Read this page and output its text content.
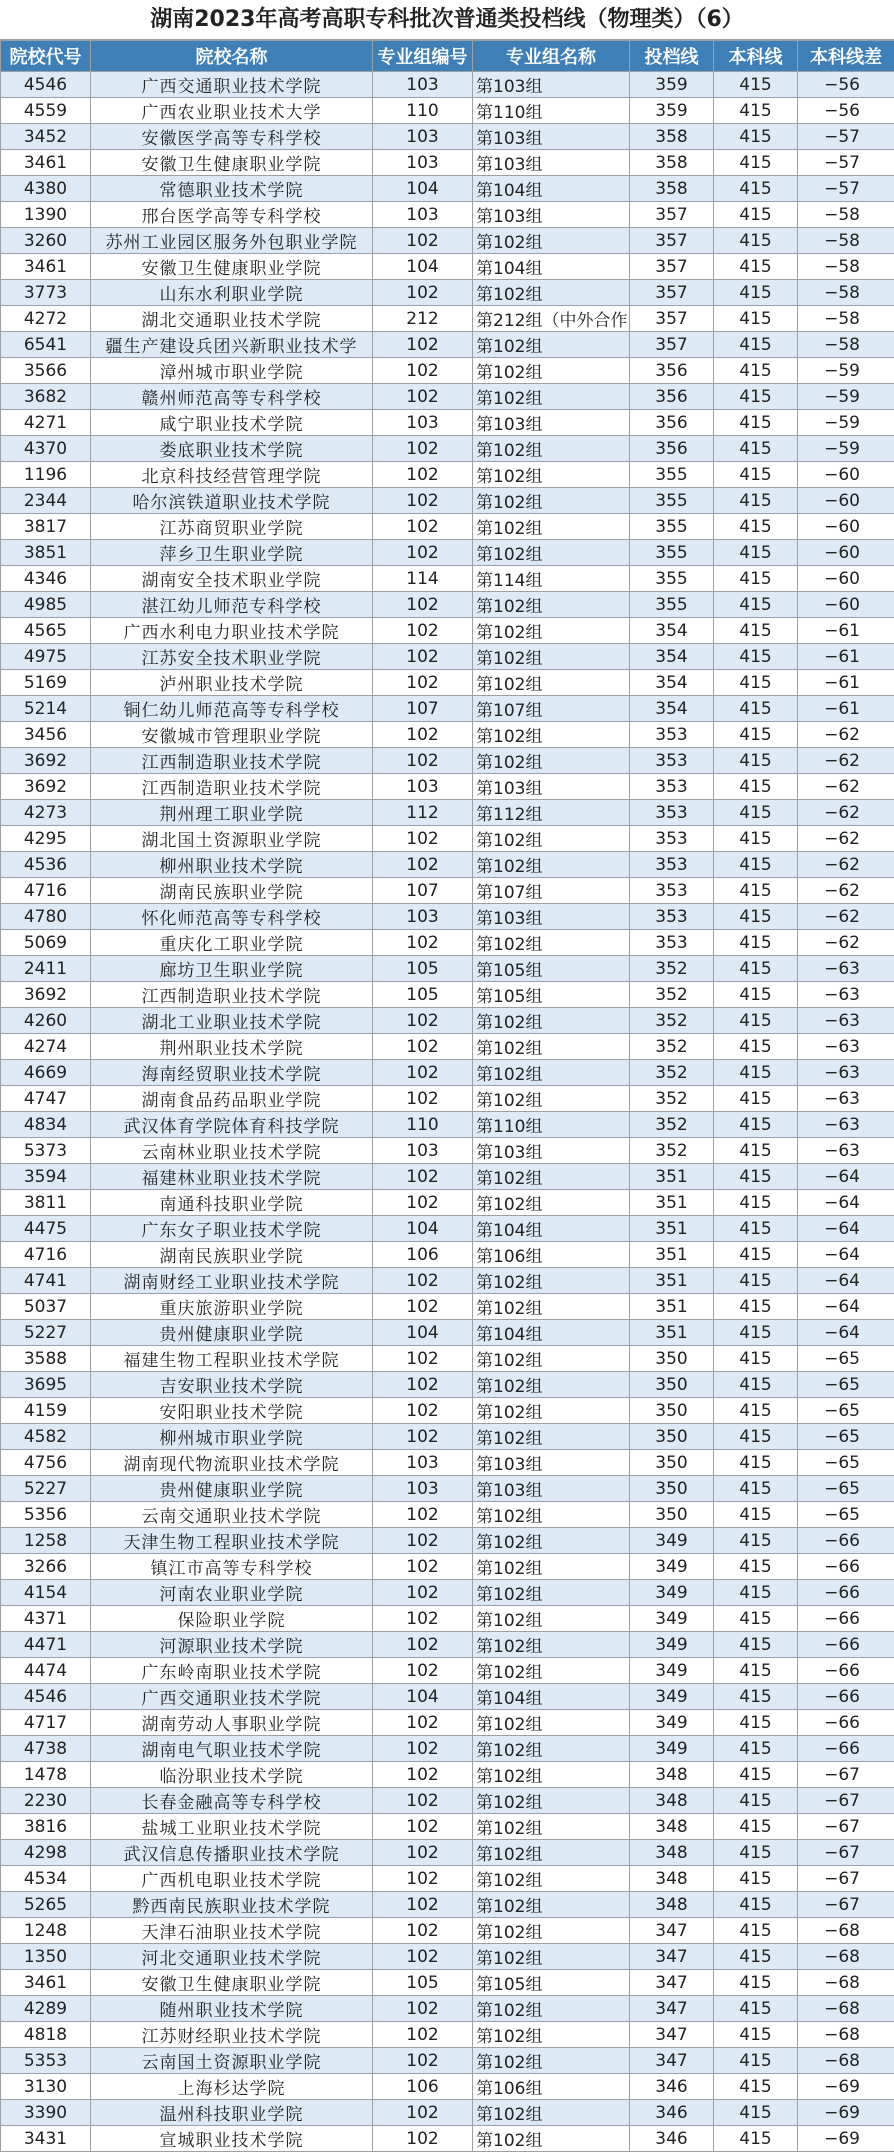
湖南2023年高考高职专科批次普通类投档线（物理类）（6）
院校代号	院校名称	专业组编号	专业组名称	投档线	本科线	本科线差
4546	广西交通职业技术学院	103	第103组	359	415	−56
4559	广西农业职业技术大学	110	第110组	359	415	−56
3452	安徽医学高等专科学校	103	第103组	358	415	−57
3461	安徽卫生健康职业学院	103	第103组	358	415	−57
4380	常德职业技术学院	104	第104组	358	415	−57
1390	邢台医学高等专科学校	103	第103组	357	415	−58
3260	苏州工业园区服务外包职业学院	102	第102组	357	415	−58
3461	安徽卫生健康职业学院	104	第104组	357	415	−58
3773	山东水利职业学院	102	第102组	357	415	−58
4272	湖北交通职业技术学院	212	第212组（中外合作	357	415	−58
6541	疆生产建设兵团兴新职业技术学	102	第102组	357	415	−58
3566	漳州城市职业学院	102	第102组	356	415	−59
3682	赣州师范高等专科学校	102	第102组	356	415	−59
4271	咸宁职业技术学院	103	第103组	356	415	−59
4370	娄底职业技术学院	102	第102组	356	415	−59
1196	北京科技经营管理学院	102	第102组	355	415	−60
2344	哈尔滨铁道职业技术学院	102	第102组	355	415	−60
3817	江苏商贸职业学院	102	第102组	355	415	−60
3851	萍乡卫生职业学院	102	第102组	355	415	−60
4346	湖南安全技术职业学院	114	第114组	355	415	−60
4985	湛江幼儿师范专科学校	102	第102组	355	415	−60
4565	广西水利电力职业技术学院	102	第102组	354	415	−61
4975	江苏安全技术职业学院	102	第102组	354	415	−61
5169	泸州职业技术学院	102	第102组	354	415	−61
5214	铜仁幼儿师范高等专科学校	107	第107组	354	415	−61
3456	安徽城市管理职业学院	102	第102组	353	415	−62
3692	江西制造职业技术学院	102	第102组	353	415	−62
3692	江西制造职业技术学院	103	第103组	353	415	−62
4273	荆州理工职业学院	112	第112组	353	415	−62
4295	湖北国土资源职业学院	102	第102组	353	415	−62
4536	柳州职业技术学院	102	第102组	353	415	−62
4716	湖南民族职业学院	107	第107组	353	415	−62
4780	怀化师范高等专科学校	103	第103组	353	415	−62
5069	重庆化工职业学院	102	第102组	353	415	−62
2411	廊坊卫生职业学院	105	第105组	352	415	−63
3692	江西制造职业技术学院	105	第105组	352	415	−63
4260	湖北工业职业技术学院	102	第102组	352	415	−63
4274	荆州职业技术学院	102	第102组	352	415	−63
4669	海南经贸职业技术学院	102	第102组	352	415	−63
4747	湖南食品药品职业学院	102	第102组	352	415	−63
4834	武汉体育学院体育科技学院	110	第110组	352	415	−63
5373	云南林业职业技术学院	103	第103组	352	415	−63
3594	福建林业职业技术学院	102	第102组	351	415	−64
3811	南通科技职业学院	102	第102组	351	415	−64
4475	广东女子职业技术学院	104	第104组	351	415	−64
4716	湖南民族职业学院	106	第106组	351	415	−64
4741	湖南财经工业职业技术学院	102	第102组	351	415	−64
5037	重庆旅游职业学院	102	第102组	351	415	−64
5227	贵州健康职业学院	104	第104组	351	415	−64
3588	福建生物工程职业技术学院	102	第102组	350	415	−65
3695	吉安职业技术学院	102	第102组	350	415	−65
4159	安阳职业技术学院	102	第102组	350	415	−65
4582	柳州城市职业学院	102	第102组	350	415	−65
4756	湖南现代物流职业技术学院	103	第103组	350	415	−65
5227	贵州健康职业学院	103	第103组	350	415	−65
5356	云南交通职业技术学院	102	第102组	350	415	−65
1258	天津生物工程职业技术学院	102	第102组	349	415	−66
3266	镇江市高等专科学校	102	第102组	349	415	−66
4154	河南农业职业学院	102	第102组	349	415	−66
4371	保险职业学院	102	第102组	349	415	−66
4471	河源职业技术学院	102	第102组	349	415	−66
4474	广东岭南职业技术学院	102	第102组	349	415	−66
4546	广西交通职业技术学院	104	第104组	349	415	−66
4717	湖南劳动人事职业学院	102	第102组	349	415	−66
4738	湖南电气职业技术学院	102	第102组	349	415	−66
1478	临汾职业技术学院	102	第102组	348	415	−67
2230	长春金融高等专科学校	102	第102组	348	415	−67
3816	盐城工业职业技术学院	102	第102组	348	415	−67
4298	武汉信息传播职业技术学院	102	第102组	348	415	−67
4534	广西机电职业技术学院	102	第102组	348	415	−67
5265	黔西南民族职业技术学院	102	第102组	348	415	−67
1248	天津石油职业技术学院	102	第102组	347	415	−68
1350	河北交通职业技术学院	102	第102组	347	415	−68
3461	安徽卫生健康职业学院	105	第105组	347	415	−68
4289	随州职业技术学院	102	第102组	347	415	−68
4818	江苏财经职业技术学院	102	第102组	347	415	−68
5353	云南国土资源职业学院	102	第102组	347	415	−68
3130	上海杉达学院	106	第106组	346	415	−69
3390	温州科技职业学院	102	第102组	346	415	−69
3431	宣城职业技术学院	102	第102组	346	415	−69
